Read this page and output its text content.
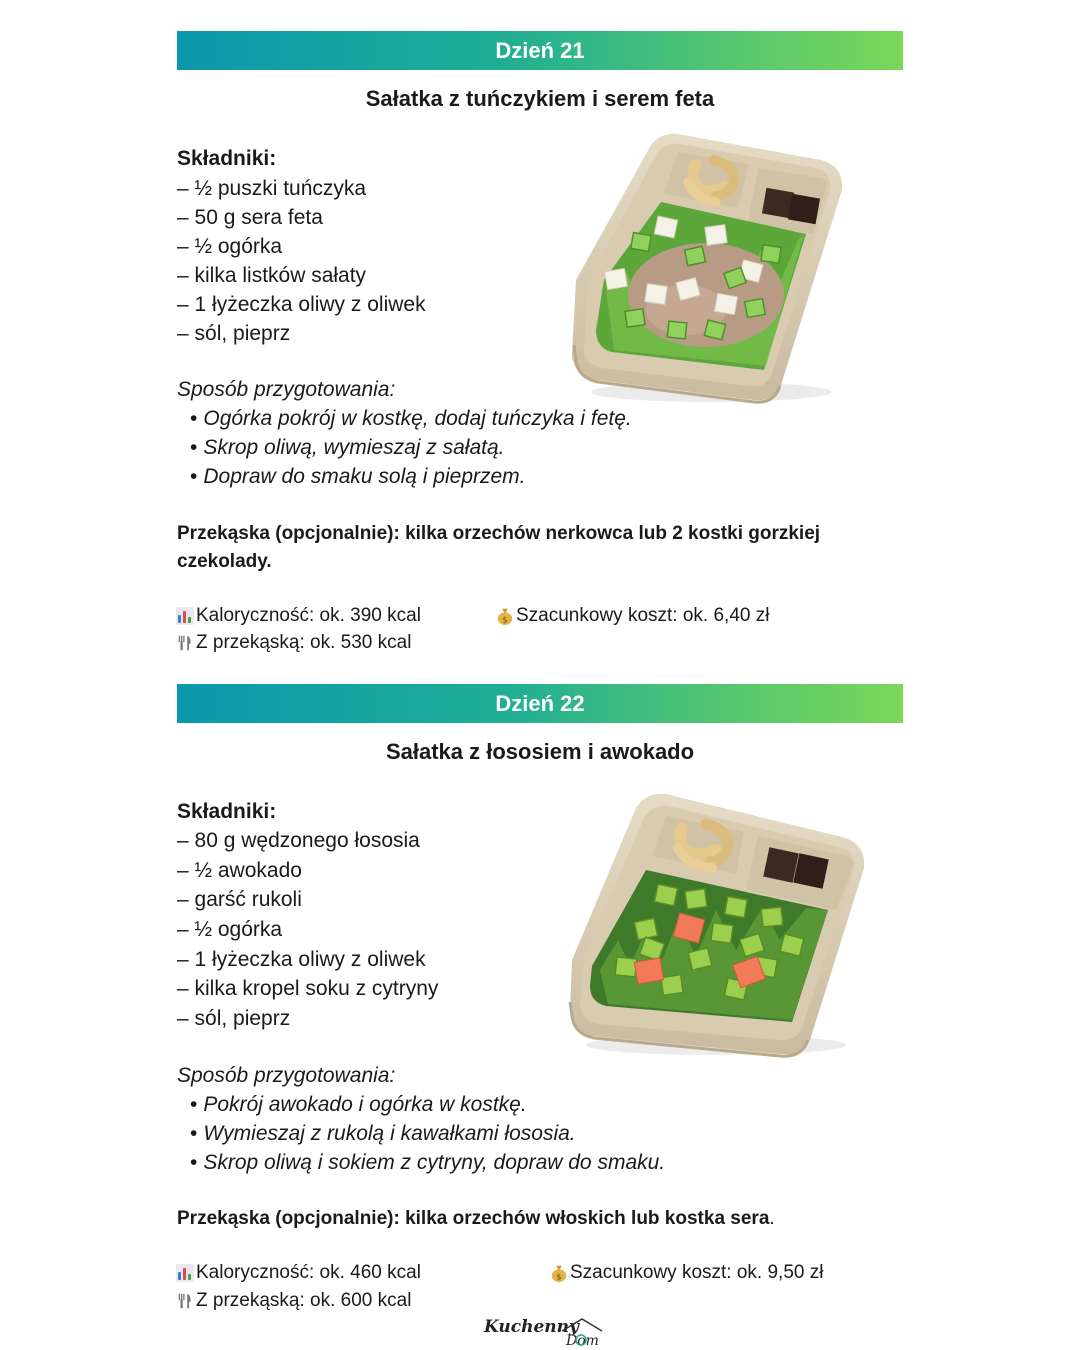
Dzień 21
Sałatka z tuńczykiem i serem feta
Składniki:
– ½ puszki tuńczyka
– 50 g sera feta
– ½ ogórka
– kilka listków sałaty
– 1 łyżeczka oliwy z oliwek
– sól, pieprz
Sposób przygotowania:
• Ogórka pokrój w kostkę, dodaj tuńczyka i fetę.
• Skrop oliwą, wymieszaj z sałatą.
• Dopraw do smaku solą i pieprzem.
Przekąska (opcjonalnie): kilka orzechów nerkowca lub 2 kostki gorzkiej czekolady.
Kaloryczność: ok. 390 kcal	$ Szacunkowy koszt: ok. 6,40 zł
Z przekąską: ok. 530 kcal
Dzień 22
Sałatka z łososiem i awokado
Składniki:
– 80 g wędzonego łososia
– ½ awokado
– garść rukoli
– ½ ogórka
– 1 łyżeczka oliwy z oliwek
– kilka kropel soku z cytryny
– sól, pieprz
Sposób przygotowania:
• Pokrój awokado i ogórka w kostkę.
• Wymieszaj z rukolą i kawałkami łososia.
• Skrop oliwą i sokiem z cytryny, dopraw do smaku.
Przekąska (opcjonalnie): kilka orzechów włoskich lub kostka sera.
Kaloryczność: ok. 460 kcal	$ Szacunkowy koszt: ok. 9,50 zł
Z przekąską: ok. 600 kcal
Kuchenny
Dom
